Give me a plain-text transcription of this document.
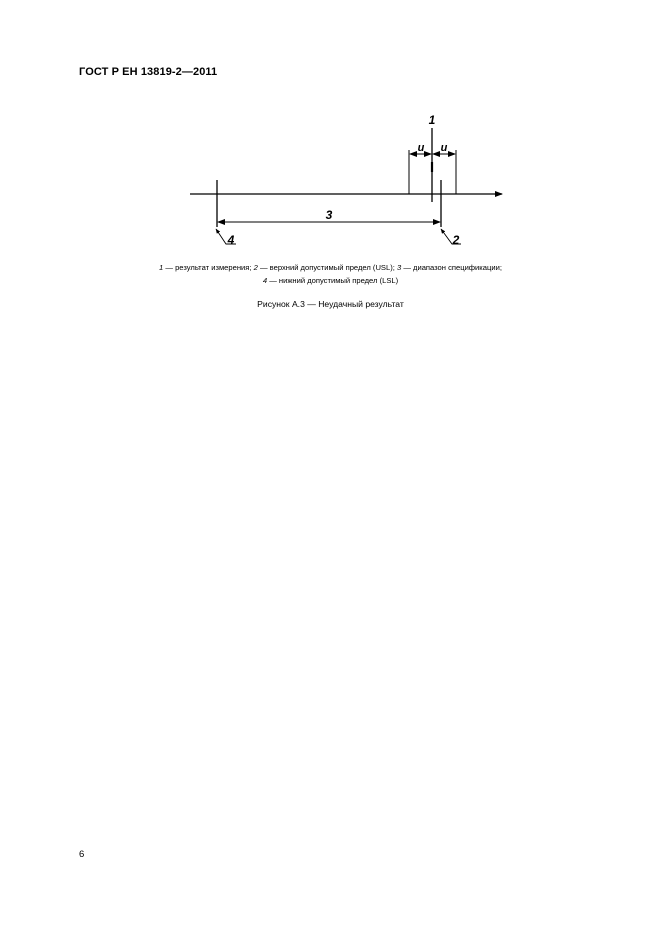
ГОСТ Р ЕН 13819-2—2011
3
1
u u
4	2
1 — результат измерения; 2 — верхний допустимый предел (USL); 3 — диапазон спецификации;
4 — нижний допустимый предел (LSL)
Рисунок А.3 — Неудачный результат
6
